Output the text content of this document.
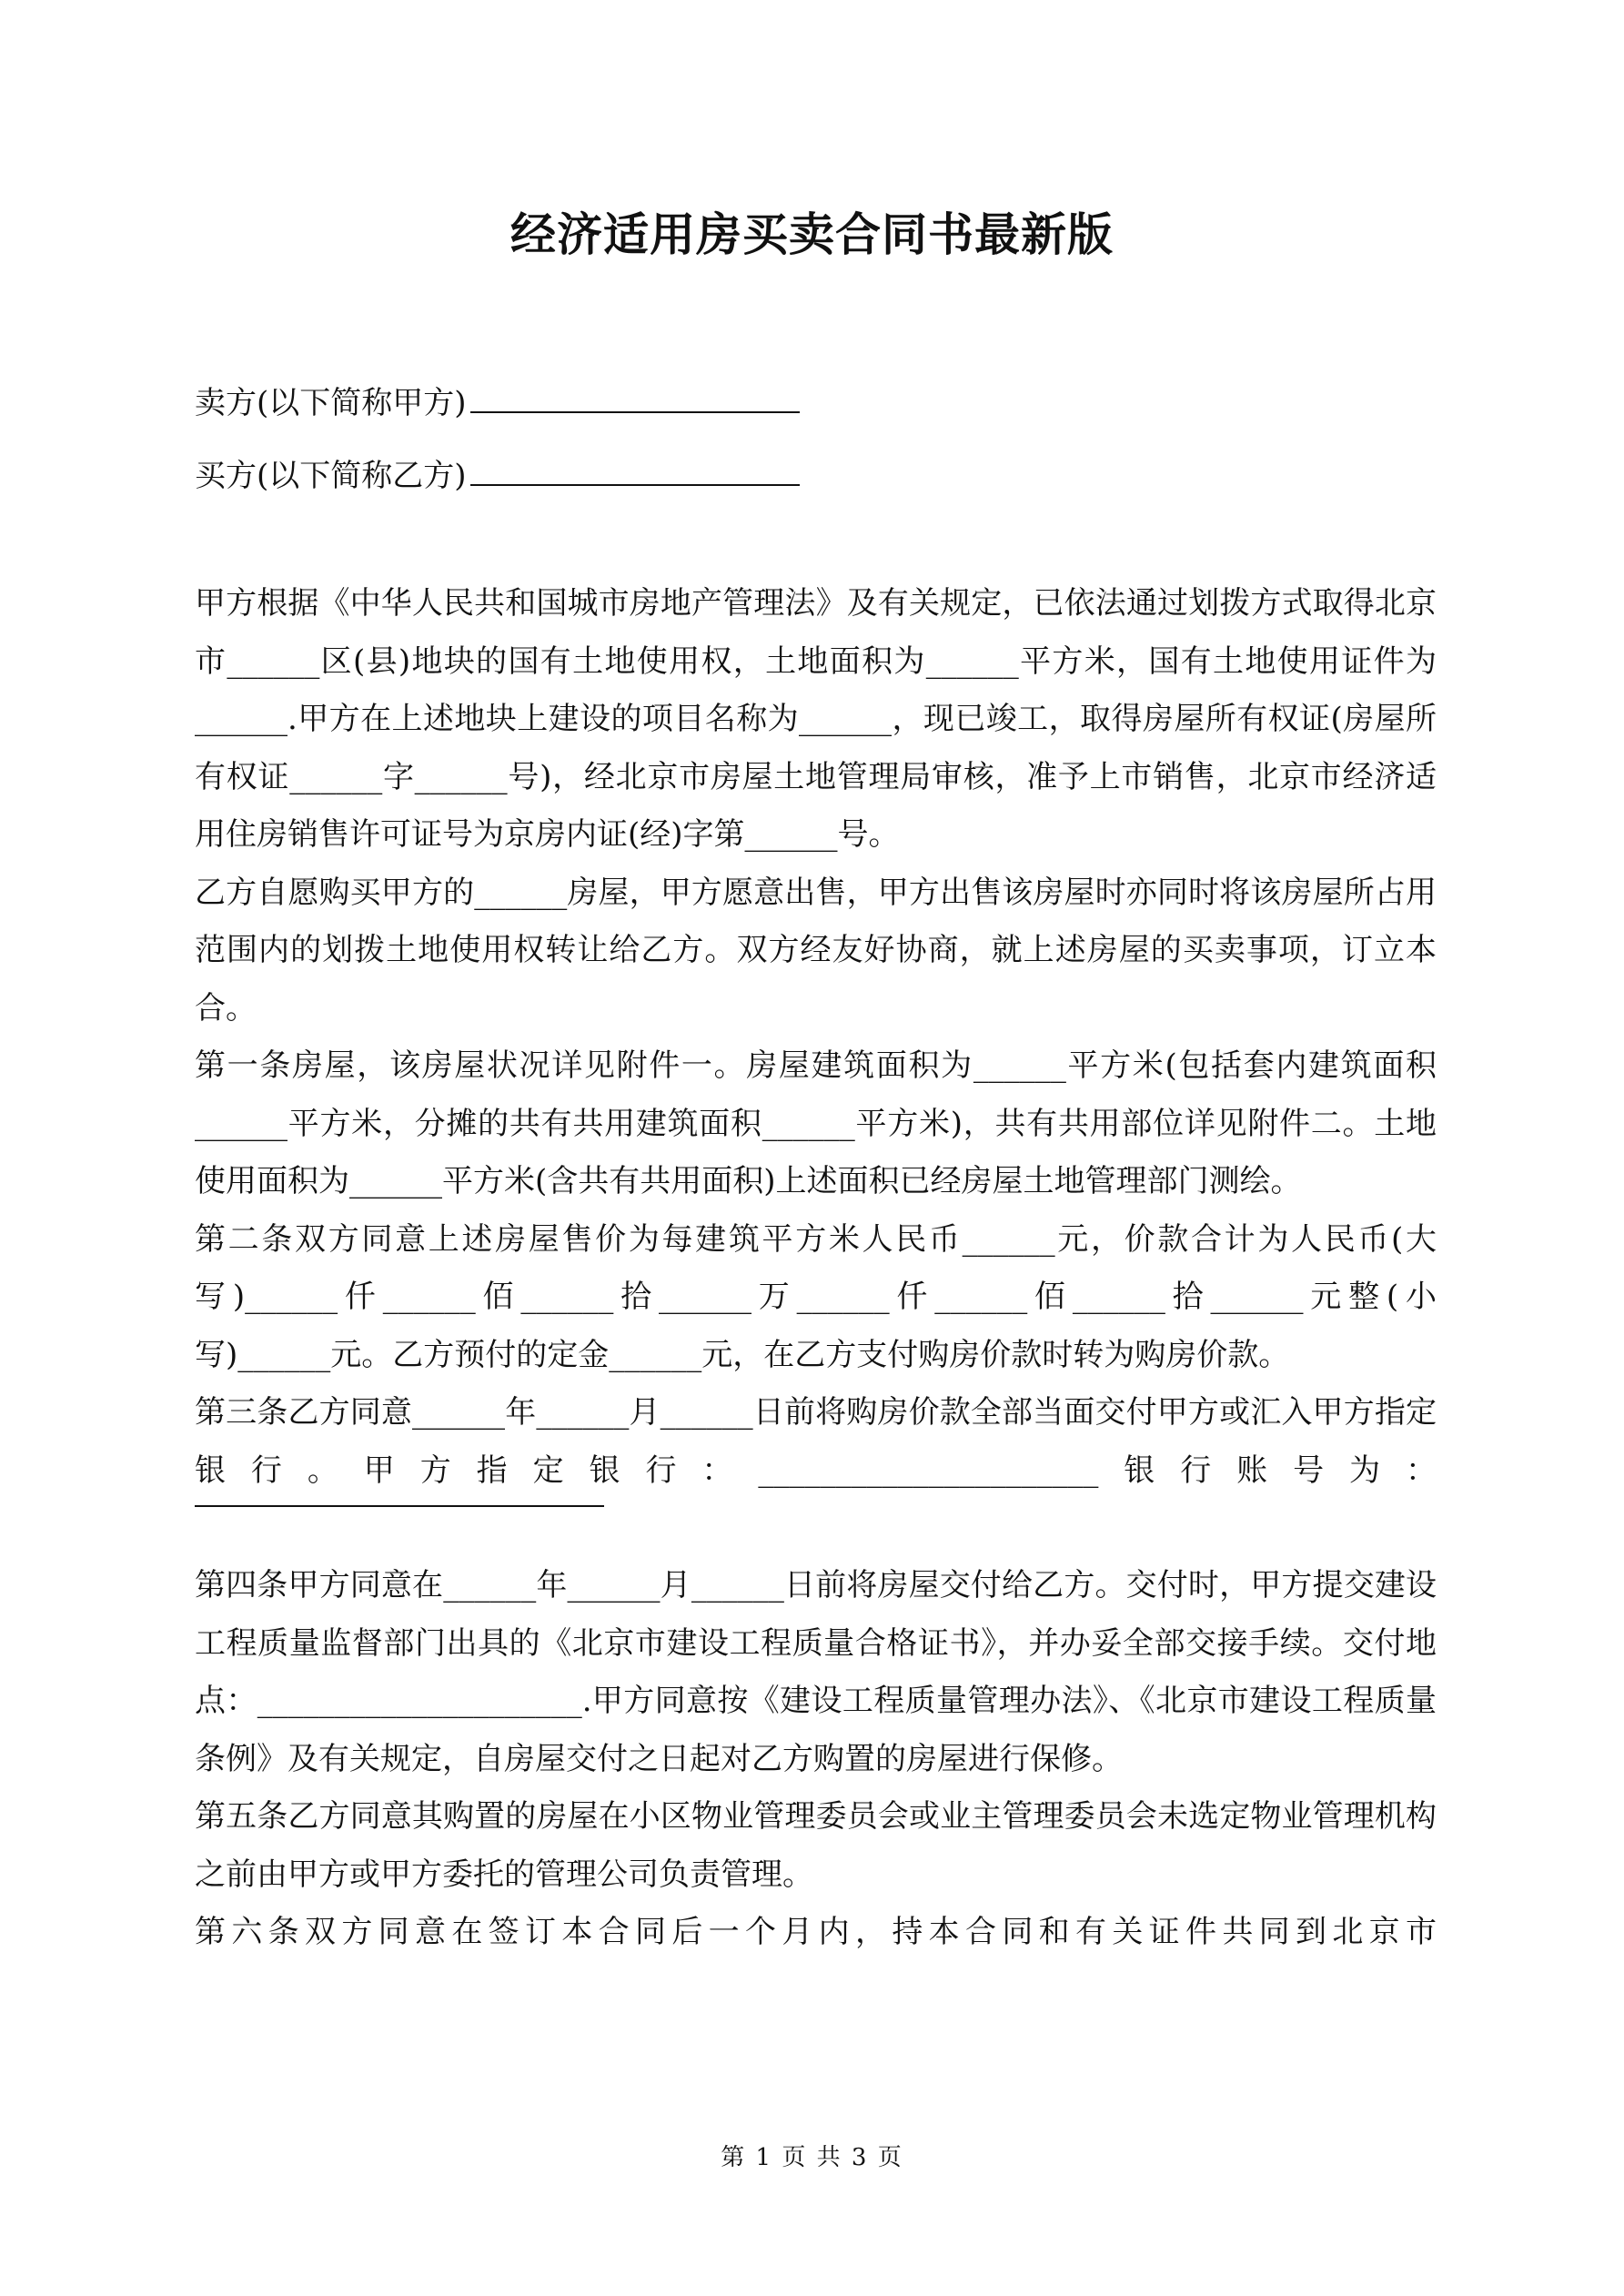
经济适用房买卖合同书最新版
卖方(以下简称甲方)
买方(以下简称乙方)

甲方根据《中华人民共和国城市房地产管理法》及有关规定，已依法通过划拨方式取得北京市______区(县)地块的国有土地使用权，土地面积为______平方米，国有土地使用证件为______.甲方在上述地块上建设的项目名称为______，现已竣工，取得房屋所有权证(房屋所有权证______字______号)，经北京市房屋土地管理局审核，准予上市销售，北京市经济适用住房销售许可证号为京房内证(经)字第______号。

乙方自愿购买甲方的______房屋，甲方愿意出售，甲方出售该房屋时亦同时将该房屋所占用范围内的划拨土地使用权转让给乙方。双方经友好协商，就上述房屋的买卖事项，订立本合。

第一条房屋，该房屋状况详见附件一。房屋建筑面积为______平方米(包括套内建筑面积______平方米，分摊的共有共用建筑面积______平方米)，共有共用部位详见附件二。土地使用面积为______平方米(含共有共用面积)上述面积已经房屋土地管理部门测绘。

第二条双方同意上述房屋售价为每建筑平方米人民币______元，价款合计为人民币(大写)______仟______佰______拾______万______仟______佰______拾______元整(小写)______元。乙方预付的定金______元，在乙方支付购房价款时转为购房价款。

第三条乙方同意______年______月______日前将购房价款全部当面交付甲方或汇入甲方指定银行。甲方指定银行：______________________银行账号为：

第四条甲方同意在______年______月______日前将房屋交付给乙方。交付时，甲方提交建设工程质量监督部门出具的《北京市建设工程质量合格证书》，并办妥全部交接手续。交付地点：_____________________.甲方同意按《建设工程质量管理办法》、《北京市建设工程质量条例》及有关规定，自房屋交付之日起对乙方购置的房屋进行保修。

第五条乙方同意其购置的房屋在小区物业管理委员会或业主管理委员会未选定物业管理机构之前由甲方或甲方委托的管理公司负责管理。

第六条双方同意在签订本合同后一个月内，持本合同和有关证件共同到北京市

第 1 页 共 3 页
